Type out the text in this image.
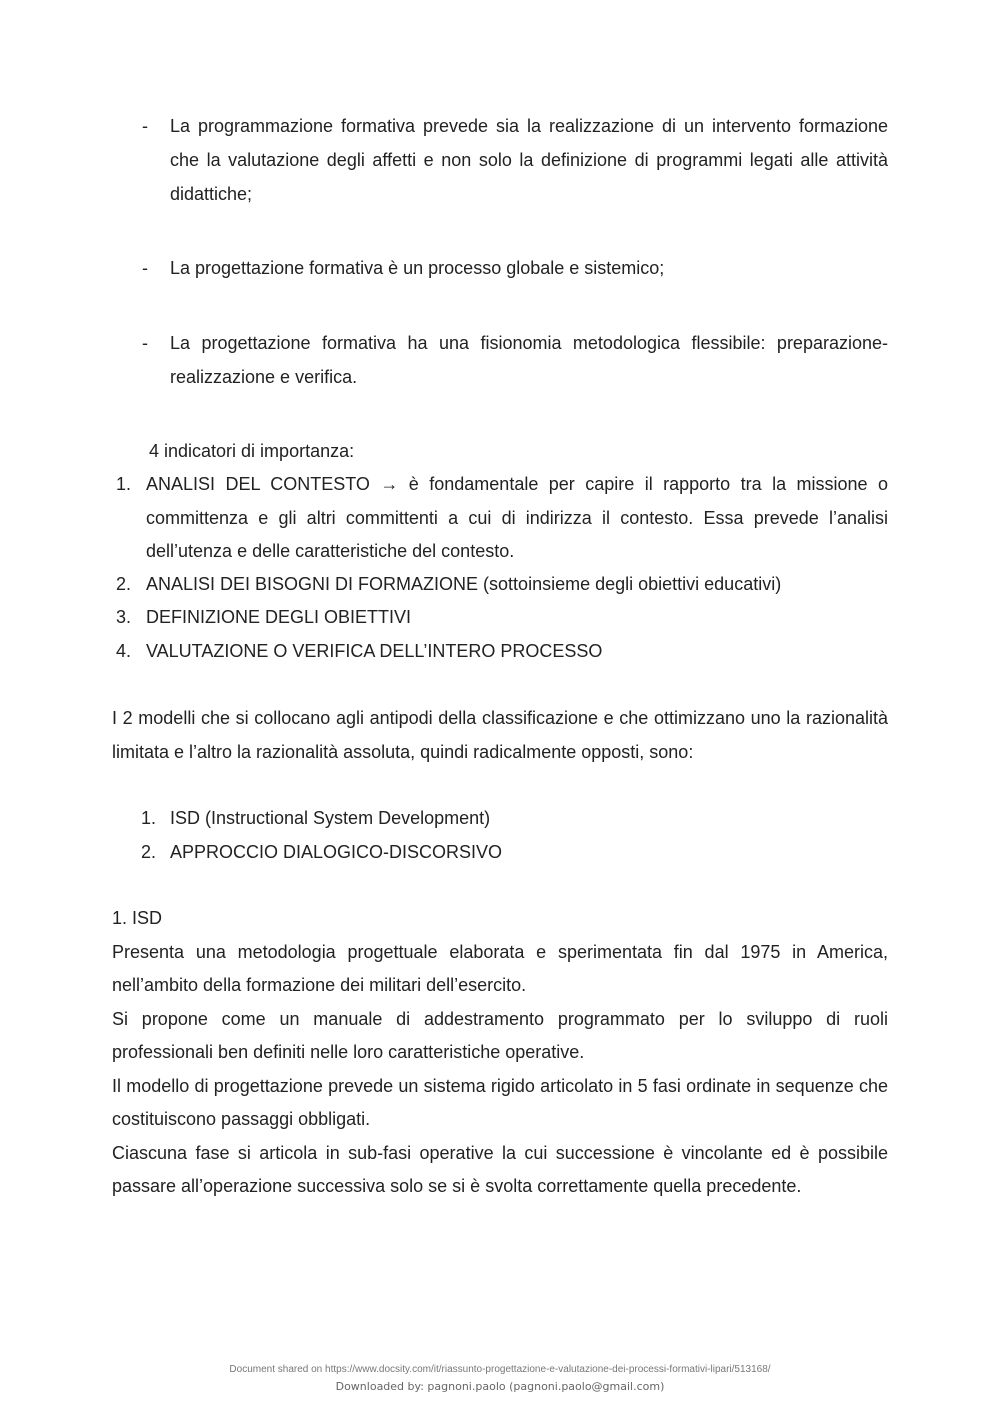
- La programmazione formativa prevede sia la realizzazione di un intervento formazione che la valutazione degli affetti e non solo la definizione di programmi legati alle attività didattiche;
- La progettazione formativa è un processo globale e sistemico;
- La progettazione formativa ha una fisionomia metodologica flessibile: preparazione-realizzazione e verifica.
4 indicatori di importanza:
1. ANALISI DEL CONTESTO → è fondamentale per capire il rapporto tra la missione o committenza e gli altri committenti a cui di indirizza il contesto. Essa prevede l’analisi dell’utenza e delle caratteristiche del contesto.
2. ANALISI DEI BISOGNI DI FORMAZIONE (sottoinsieme degli obiettivi educativi)
3. DEFINIZIONE DEGLI OBIETTIVI
4. VALUTAZIONE O VERIFICA DELL’INTERO PROCESSO

I 2 modelli che si collocano agli antipodi della classificazione e che ottimizzano uno la razionalità limitata e l’altro la razionalità assoluta, quindi radicalmente opposti, sono:

1. ISD (Instructional System Development)
2. APPROCCIO DIALOGICO-DISCORSIVO

1. ISD

Presenta una metodologia progettuale elaborata e sperimentata fin dal 1975 in America, nell’ambito della formazione dei militari dell’esercito.

Si propone come un manuale di addestramento programmato per lo sviluppo di ruoli professionali ben definiti nelle loro caratteristiche operative.

Il modello di progettazione prevede un sistema rigido articolato in 5 fasi ordinate in sequenze che costituiscono passaggi obbligati.

Ciascuna fase si articola in sub-fasi operative la cui successione è vincolante ed è possibile passare all’operazione successiva solo se si è svolta correttamente quella precedente.

Document shared on https://www.docsity.com/it/riassunto-progettazione-e-valutazione-dei-processi-formativi-lipari/513168/
Downloaded by: pagnoni.paolo (pagnoni.paolo@gmail.com)
